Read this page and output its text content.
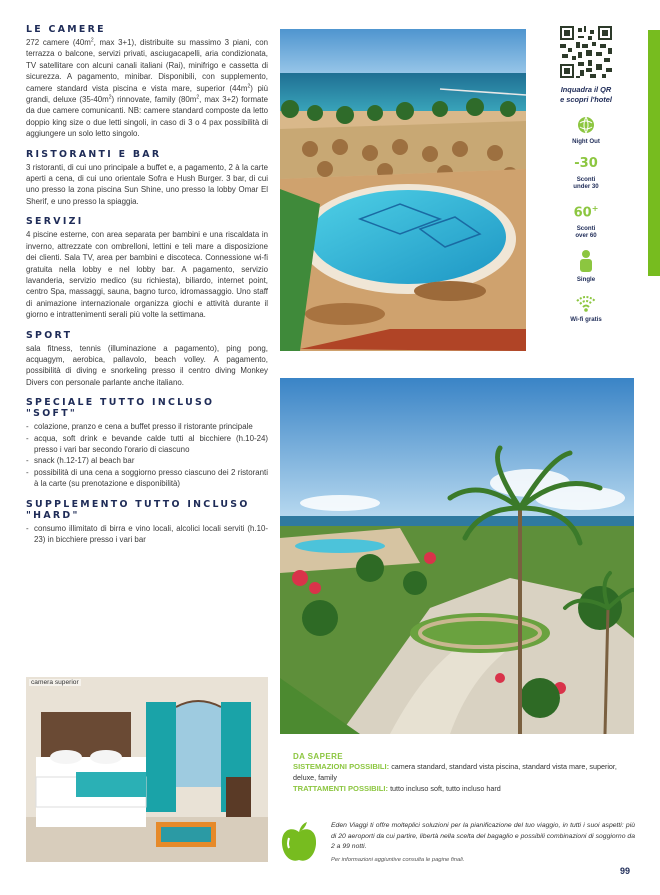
LE CAMERE
272 camere ($40m^2$, max 3+1), distribuite su massimo 3 piani, con terrazza o balcone, servizi privati, asciugacapelli, aria condizionata, TV satellitare con alcuni canali italiani (Rai), minifrigo e cassetta di sicurezza. A pagamento, minibar. Disponibili, con supplemento, camere standard vista piscina e vista mare, superior $(44m^2)$ più grandi, deluxe $(35-40m^2)$ rinnovate, family ($80m^2$, max 3+2) formate da due camere comunicanti. NB: camere standard composte da letto doppio king size o due letti singoli, in caso di 3 o 4 pax possibilità di aggiungere un solo letto singolo.
RISTORANTI E BAR
3 ristoranti, di cui uno principale a buffet e, a pagamento, 2 à la carte aperti a cena, di cui uno orientale Sofra e Hush Burger. 3 bar, di cui uno presso la zona piscina Sun Shine, uno presso la lobby Omar El Sherif, e uno presso la spiaggia.
SERVIZI
4 piscine esterne, con area separata per bambini e una riscaldata in inverno, attrezzate con ombrelloni, lettini e teli mare a disposizione dei clienti. Sala TV, area per bambini e discoteca. Connessione wi-fi gratuita nella lobby e nel lobby bar. A pagamento, servizio lavanderia, servizio medico (su richiesta), biliardo, internet point, centro Spa, massaggi, sauna, bagno turco, idromassaggio. Uno staff di animazione internazionale organizza giochi e attività durante il giorno e intrattenimenti serali più volte la settimana.
SPORT
sala fitness, tennis (illuminazione a pagamento), ping pong, acquagym, aerobica, pallavolo, beach volley. A pagamento, possibilità di diving e snorkeling presso il centro diving Monkey Divers con personale parlante anche italiano.
SPECIALE TUTTO INCLUSO "SOFT"
- colazione, pranzo e cena a buffet presso il ristorante principale
- acqua, soft drink e bevande calde tutti al bicchiere (h.10-24) presso i vari bar secondo l'orario di ciascuno
- snack (h.12-17) al beach bar
- possibilità di una cena a soggiorno presso ciascuno dei 2 ristoranti à la carte (su prenotazione e disponibilità)
SUPPLEMENTO TUTTO INCLUSO "HARD"
- consumo illimitato di birra e vino locali, alcolici locali serviti (h.10-23) in bicchiere presso i vari bar
Inquadra il QR
e scopri l'hotel
Night Out
-30
Sconti
under 30
60+
Sconti
over 60
Single
Wi-fi gratis
camera superior
DA SAPERE
SISTEMAZIONI POSSIBILI: camera standard, standard vista piscina, standard vista mare, superior, deluxe, family
TRATTAMENTI POSSIBILI: tutto incluso soft, tutto incluso hard
Eden Viaggi ti offre molteplici soluzioni per la pianificazione del tuo viaggio, in tutti i suoi aspetti: più di 20 aeroporti da cui partire, libertà nella scelta del bagaglio e possibili combinazioni di soggiorno da 2 a 99 notti.
Per informazioni aggiuntive consulta le pagine finali.
99
